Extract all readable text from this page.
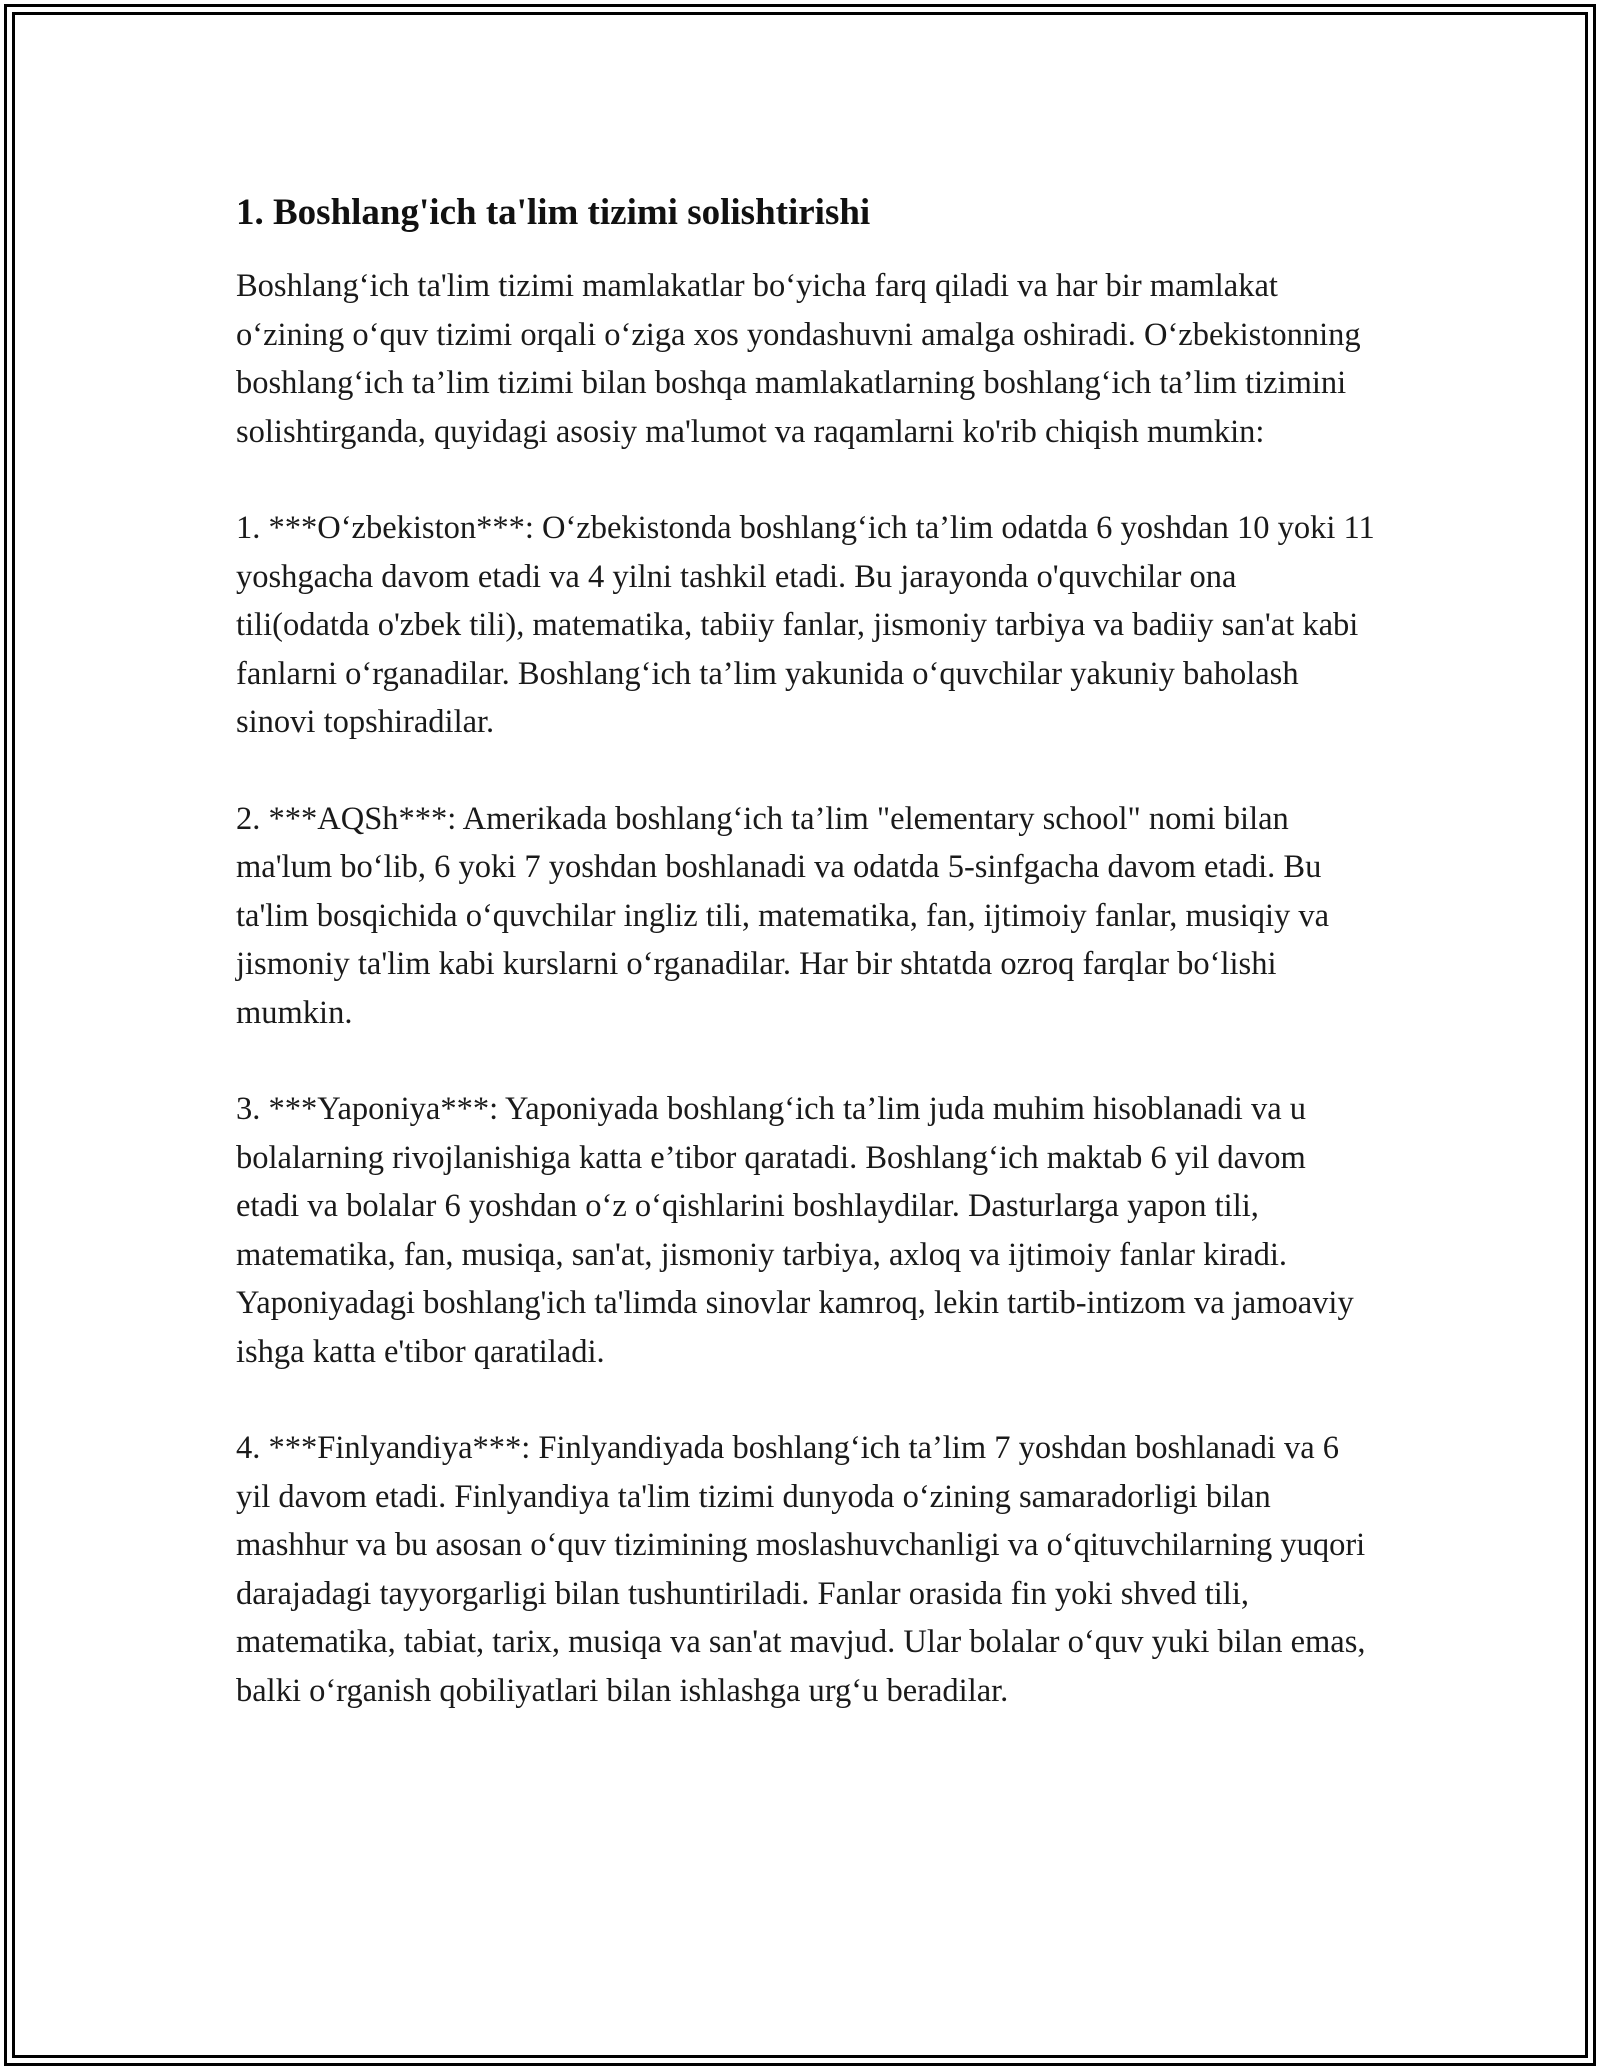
1. Boshlang'ich ta'lim tizimi solishtirishi

Boshlang‘ich ta'lim tizimi mamlakatlar bo‘yicha farq qiladi va har bir mamlakat o‘zining o‘quv tizimi orqali o‘ziga xos yondashuvni amalga oshiradi. O‘zbekistonning boshlang‘ich ta’lim tizimi bilan boshqa mamlakatlarning boshlang‘ich ta’lim tizimini solishtirganda, quyidagi asosiy ma'lumot va raqamlarni ko'rib chiqish mumkin:

1. ***O‘zbekiston***: O‘zbekistonda boshlang‘ich ta’lim odatda 6 yoshdan 10 yoki 11 yoshgacha davom etadi va 4 yilni tashkil etadi. Bu jarayonda o'quvchilar ona tili(odatda o'zbek tili), matematika, tabiiy fanlar, jismoniy tarbiya va badiiy san'at kabi fanlarni o‘rganadilar. Boshlang‘ich ta’lim yakunida o‘quvchilar yakuniy baholash sinovi topshiradilar.

2. ***AQSh***: Amerikada boshlang‘ich ta’lim "elementary school" nomi bilan ma'lum bo‘lib, 6 yoki 7 yoshdan boshlanadi va odatda 5-sinfgacha davom etadi. Bu ta'lim bosqichida o‘quvchilar ingliz tili, matematika, fan, ijtimoiy fanlar, musiqiy va jismoniy ta'lim kabi kurslarni o‘rganadilar. Har bir shtatda ozroq farqlar bo‘lishi mumkin.

3. ***Yaponiya***: Yaponiyada boshlang‘ich ta’lim juda muhim hisoblanadi va u bolalarning rivojlanishiga katta e’tibor qaratadi. Boshlang‘ich maktab 6 yil davom etadi va bolalar 6 yoshdan o‘z o‘qishlarini boshlaydilar. Dasturlarga yapon tili, matematika, fan, musiqa, san'at, jismoniy tarbiya, axloq va ijtimoiy fanlar kiradi. Yaponiyadagi boshlang'ich ta'limda sinovlar kamroq, lekin tartib-intizom va jamoaviy ishga katta e'tibor qaratiladi.

4. ***Finlyandiya***: Finlyandiyada boshlang‘ich ta’lim 7 yoshdan boshlanadi va 6 yil davom etadi. Finlyandiya ta'lim tizimi dunyoda o‘zining samaradorligi bilan mashhur va bu asosan o‘quv tizimining moslashuvchanligi va o‘qituvchilarning yuqori darajadagi tayyorgarligi bilan tushuntiriladi. Fanlar orasida fin yoki shved tili, matematika, tabiat, tarix, musiqa va san'at mavjud. Ular bolalar o‘quv yuki bilan emas, balki o‘rganish qobiliyatlari bilan ishlashga urg‘u beradilar.
